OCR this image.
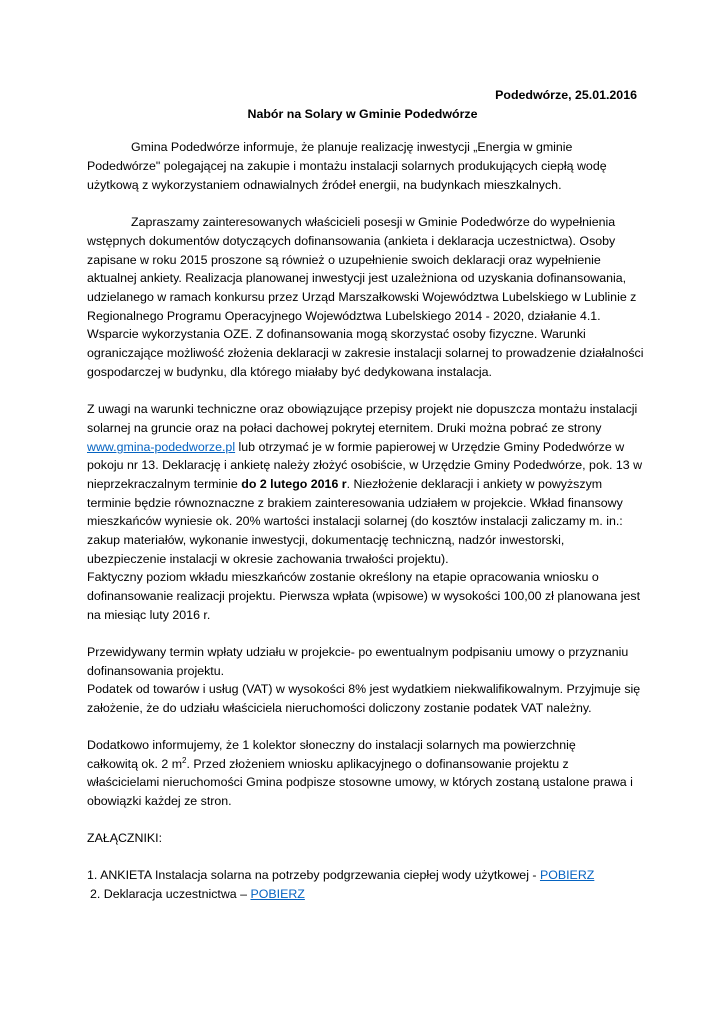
Podedwórze, 25.01.2016
Nabór na Solary w Gminie Podedwórze
Gmina Podedwórze informuje, że planuje realizację inwestycji „Energia w gminie
Podedwórze" polegającej na zakupie i montażu instalacji solarnych produkujących ciepłą wodę
użytkową z wykorzystaniem odnawialnych źródeł energii, na budynkach mieszkalnych.
Zapraszamy zainteresowanych właścicieli posesji w Gminie Podedwórze do wypełnienia
wstępnych dokumentów dotyczących dofinansowania (ankieta i deklaracja uczestnictwa). Osoby
zapisane w roku 2015 proszone są również o uzupełnienie swoich deklaracji oraz wypełnienie
aktualnej ankiety. Realizacja planowanej inwestycji jest uzależniona od uzyskania dofinansowania,
udzielanego w ramach konkursu przez Urząd Marszałkowski Województwa Lubelskiego w Lublinie z
Regionalnego Programu Operacyjnego Województwa Lubelskiego 2014 - 2020, działanie 4.1.
Wsparcie wykorzystania OZE. Z dofinansowania mogą skorzystać osoby fizyczne. Warunki
ograniczające możliwość złożenia deklaracji w zakresie instalacji solarnej to prowadzenie działalności
gospodarczej w budynku, dla którego miałaby być dedykowana instalacja.
Z uwagi na warunki techniczne oraz obowiązujące przepisy projekt nie dopuszcza montażu instalacji
solarnej na gruncie oraz na połaci dachowej pokrytej eternitem. Druki można pobrać ze strony
www.gmina-podedworze.pl lub otrzymać je w formie papierowej w Urzędzie Gminy Podedwórze w
pokoju nr 13. Deklarację i ankietę należy złożyć osobiście, w Urzędzie Gminy Podedwórze, pok. 13 w
nieprzekraczalnym terminie do 2 lutego 2016 r. Niezłożenie deklaracji i ankiety w powyższym
terminie będzie równoznaczne z brakiem zainteresowania udziałem w projekcie. Wkład finansowy
mieszkańców wyniesie ok. 20% wartości instalacji solarnej (do kosztów instalacji zaliczamy m. in.:
zakup materiałów, wykonanie inwestycji, dokumentację techniczną, nadzór inwestorski,
ubezpieczenie instalacji w okresie zachowania trwałości projektu).
Faktyczny poziom wkładu mieszkańców zostanie określony na etapie opracowania wniosku o
dofinansowanie realizacji projektu. Pierwsza wpłata (wpisowe) w wysokości 100,00 zł planowana jest
na miesiąc luty 2016 r.
Przewidywany termin wpłaty udziału w projekcie- po ewentualnym podpisaniu umowy o przyznaniu
dofinansowania projektu.
Podatek od towarów i usług (VAT) w wysokości 8% jest wydatkiem niekwalifikowalnym. Przyjmuje się
założenie, że do udziału właściciela nieruchomości doliczony zostanie podatek VAT należny.
Dodatkowo informujemy, że 1 kolektor słoneczny do instalacji solarnych ma powierzchnię
całkowitą ok. 2 $m^2$. Przed złożeniem wniosku aplikacyjnego o dofinansowanie projektu z
właścicielami nieruchomości Gmina podpisze stosowne umowy, w których zostaną ustalone prawa i
obowiązki każdej ze stron.
ZAŁĄCZNIKI:
1. ANKIETA Instalacja solarna na potrzeby podgrzewania ciepłej wody użytkowej - POBIERZ
2. Deklaracja uczestnictwa – POBIERZ
